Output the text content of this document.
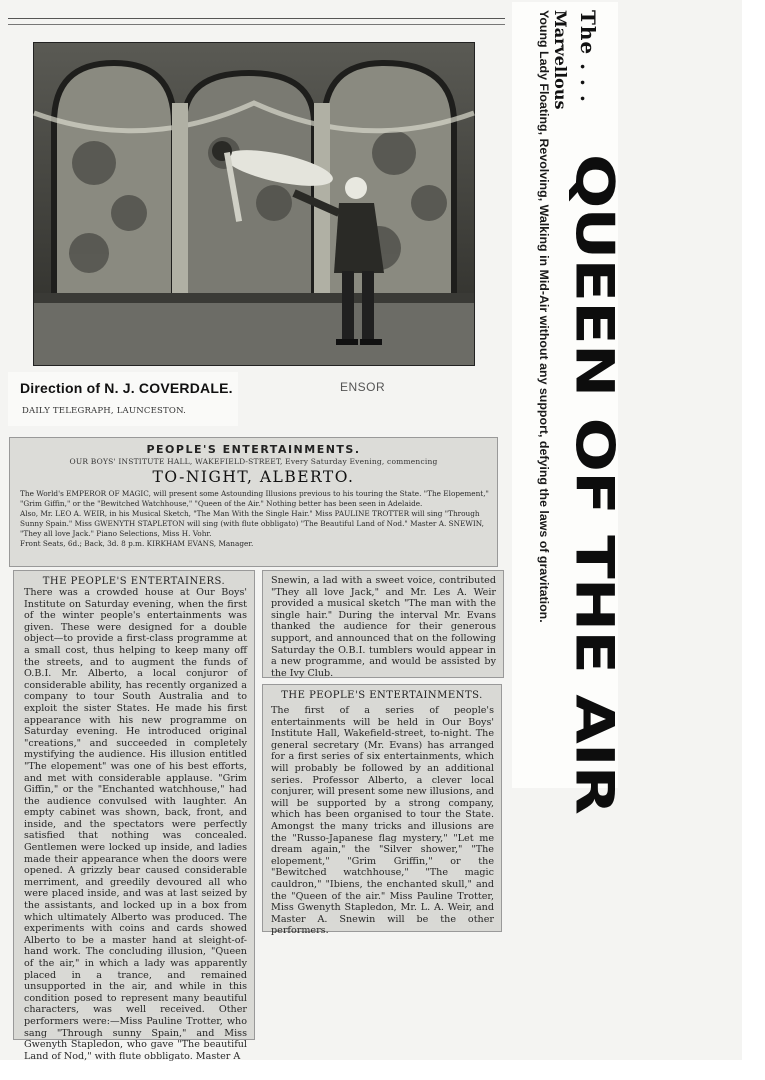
Direction of N. J. COVERDALE.
DAILY TELEGRAPH, LAUNCESTON.
ENSOR
PEOPLE'S ENTERTAINMENTS.
OUR BOYS' INSTITUTE HALL, WAKEFIELD-STREET, Every Saturday Evening, commencing
TO-NIGHT, ALBERTO.

The World's EMPEROR OF MAGIC, will present some Astounding Illusions previous to his touring the State. "The Elopement," "Grim Giffin," or the "Bewitched Watchhouse," "Queen of the Air." Nothing better has been seen in Adelaide.

Also, Mr. LEO A. WEIR, in his Musical Sketch, "The Man With the Single Hair." Miss PAULINE TROTTER will sing "Through Sunny Spain." Miss GWENYTH STAPLETON will sing (with flute obbligato) "The Beautiful Land of Nod." Master A. SNEWIN, "They all love Jack." Piano Selections, Miss H. Vohr.

Front Seats, 6d.; Back, 3d. 8 p.m. KIRKHAM EVANS, Manager.

THE PEOPLE'S ENTERTAINERS.

There was a crowded house at Our Boys' Institute on Saturday evening, when the first of the winter people's entertainments was given. These were designed for a double object—to provide a first-class programme at a small cost, thus helping to keep many off the streets, and to augment the funds of O.B.I. Mr. Alberto, a local conjuror of considerable ability, has recently organized a company to tour South Australia and to exploit the sister States. He made his first appearance with his new programme on Saturday evening. He introduced original "creations," and succeeded in completely mystifying the audience. His illusion entitled "The elopement" was one of his best efforts, and met with considerable applause. "Grim Giffin," or the "Enchanted watchhouse," had the audience convulsed with laughter. An empty cabinet was shown, back, front, and inside, and the spectators were perfectly satisfied that nothing was concealed. Gentlemen were locked up inside, and ladies made their appearance when the doors were opened. A grizzly bear caused considerable merriment, and greedily devoured all who were placed inside, and was at last seized by the assistants, and locked up in a box from which ultimately Alberto was produced. The experiments with coins and cards showed Alberto to be a master hand at sleight-of-hand work. The concluding illusion, "Queen of the air," in which a lady was apparently placed in a trance, and remained unsupported in the air, and while in this condition posed to represent many beautiful characters, was well received. Other performers were:—Miss Pauline Trotter, who sang "Through sunny Spain," and Miss Gwenyth Stapledon, who gave "The beautiful Land of Nod," with flute obbligato. Master A

Snewin, a lad with a sweet voice, contributed "They all love Jack," and Mr. Les A. Weir provided a musical sketch "The man with the single hair." During the interval Mr. Evans thanked the audience for their generous support, and announced that on the following Saturday the O.B.I. tumblers would appear in a new programme, and would be assisted by the Ivy Club.

THE PEOPLE'S ENTERTAINMENTS.

The first of a series of people's entertainments will be held in Our Boys' Institute Hall, Wakefield-street, to-night. The general secretary (Mr. Evans) has arranged for a first series of six entertainments, which will probably be followed by an additional series. Professor Alberto, a clever local conjurer, will present some new illusions, and will be supported by a strong company, which has been organised to tour the State. Amongst the many tricks and illusions are the "Russo-Japanese flag mystery," "Let me dream again," the "Silver shower," "The elopement," "Grim Griffin," or the "Bewitched watchhouse," "The magic cauldron," "Ibiens, the enchanted skull," and the "Queen of the air." Miss Pauline Trotter, Miss Gwenyth Stapledon, Mr. L. A. Weir, and Master A. Snewin will be the other performers.

The . . .
Marvellous
QUEEN OF THE AIR
Young Lady Floating, Revolving, Walking in Mid-Air without any support, defying the laws of gravitation.
